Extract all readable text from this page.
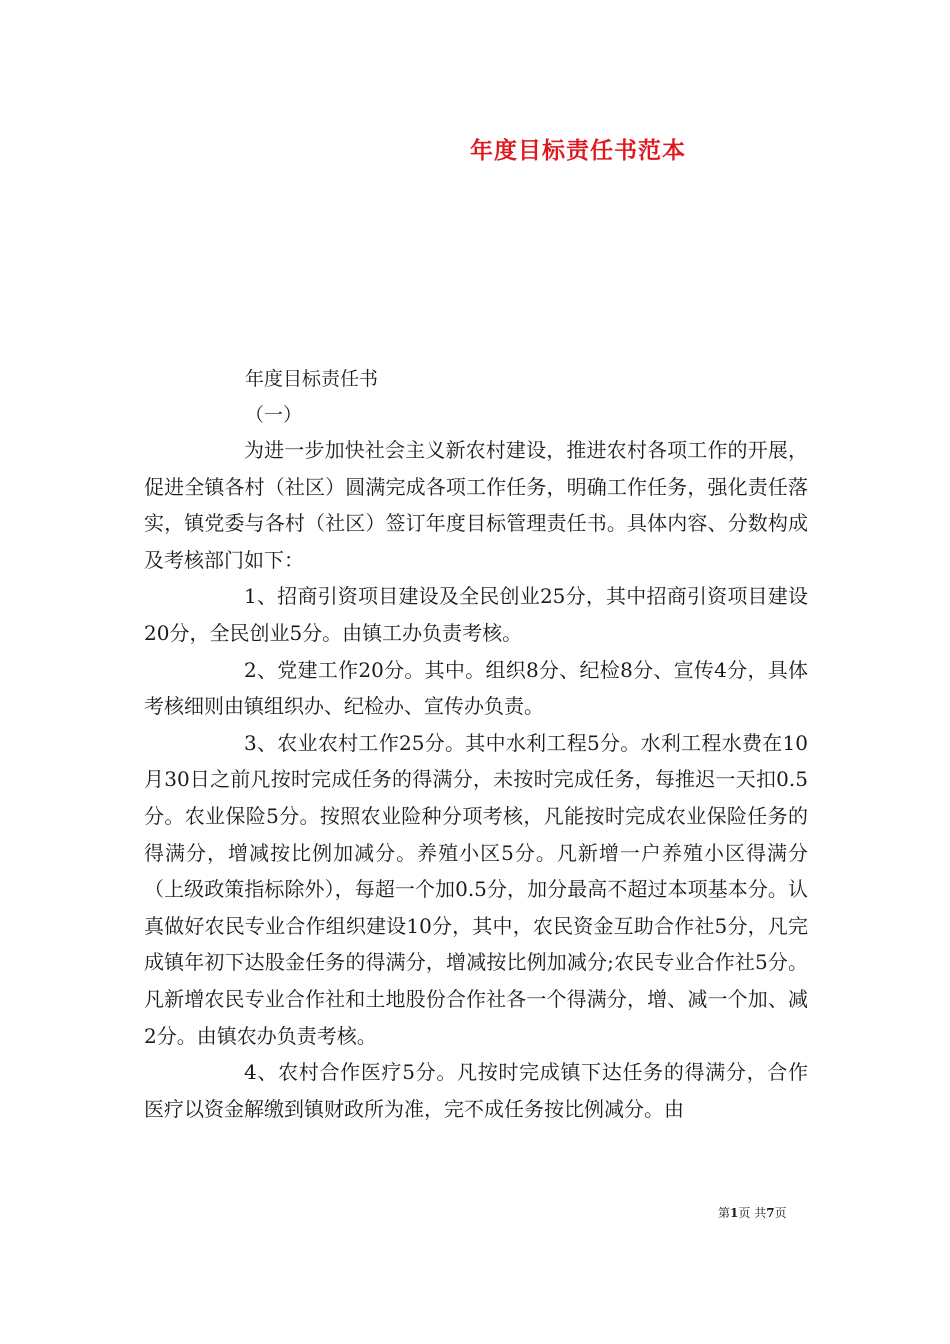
年度目标责任书范本
年度目标责任书
（一）

为进一步加快社会主义新农村建设，推进农村各项工作的开展，促进全镇各村（社区）圆满完成各项工作任务，明确工作任务，强化责任落实，镇党委与各村（社区）签订年度目标管理责任书。具体内容、分数构成及考核部门如下：

1、招商引资项目建设及全民创业25分，其中招商引资项目建设20分，全民创业5分。由镇工办负责考核。

2、党建工作20分。其中。组织8分、纪检8分、宣传4分，具体考核细则由镇组织办、纪检办、宣传办负责。

3、农业农村工作25分。其中水利工程5分。水利工程水费在10月30日之前凡按时完成任务的得满分，未按时完成任务，每推迟一天扣0.5分。农业保险5分。按照农业险种分项考核，凡能按时完成农业保险任务的得满分，增减按比例加减分。养殖小区5分。凡新增一户养殖小区得满分（上级政策指标除外），每超一个加0.5分，加分最高不超过本项基本分。认真做好农民专业合作组织建设10分，其中，农民资金互助合作社5分，凡完成镇年初下达股金任务的得满分，增减按比例加减分;农民专业合作社5分。凡新增农民专业合作社和土地股份合作社各一个得满分，增、减一个加、减2分。由镇农办负责考核。

4、农村合作医疗5分。凡按时完成镇下达任务的得满分，合作医疗以资金解缴到镇财政所为准，完不成任务按比例减分。由

第1页 共7页
